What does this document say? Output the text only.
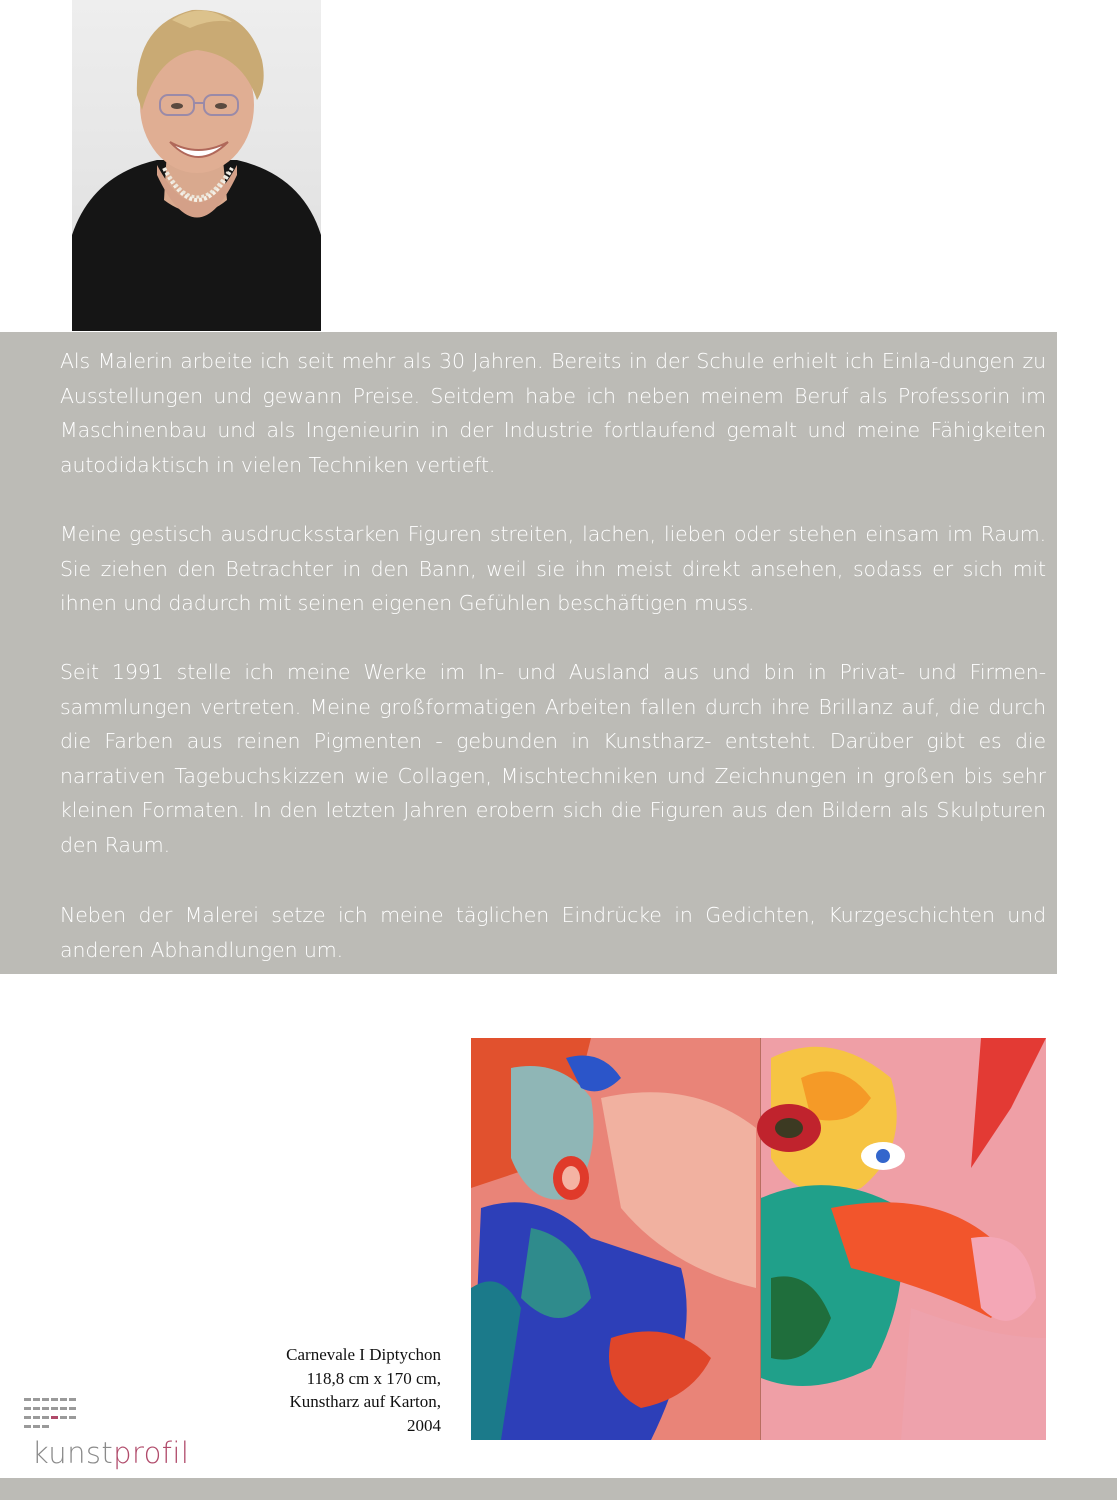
Als Malerin arbeite ich seit mehr als 30 Jahren. Bereits in der Schule erhielt ich Einla-dungen zu Ausstellungen und gewann Preise. Seitdem habe ich neben meinem Beruf als Professorin im Maschinenbau und als Ingenieurin in der Industrie fortlaufend gemalt und meine Fähigkeiten autodidaktisch in vielen Techniken vertieft.

Meine gestisch ausdrucksstarken Figuren streiten, lachen, lieben oder stehen einsam im Raum. Sie ziehen den Betrachter in den Bann, weil sie ihn meist direkt ansehen, sodass er sich mit ihnen und dadurch mit seinen eigenen Gefühlen beschäftigen muss.

Seit 1991 stelle ich meine Werke im In- und Ausland aus und bin in Privat- und Firmen-sammlungen vertreten. Meine großformatigen Arbeiten fallen durch ihre Brillanz auf, die durch die Farben aus reinen Pigmenten - gebunden in Kunstharz- entsteht. Darüber gibt es die narrativen Tagebuchskizzen wie Collagen, Mischtechniken und Zeichnungen in großen bis sehr kleinen Formaten. In den letzten Jahren erobern sich die Figuren aus den Bildern als Skulpturen den Raum.

Neben der Malerei setze ich meine täglichen Eindrücke in Gedichten, Kurzgeschichten und anderen Abhandlungen um.

Carnevale I Diptychon
118,8 cm x 170 cm,
Kunstharz auf Karton,
2004
kunstprofil
